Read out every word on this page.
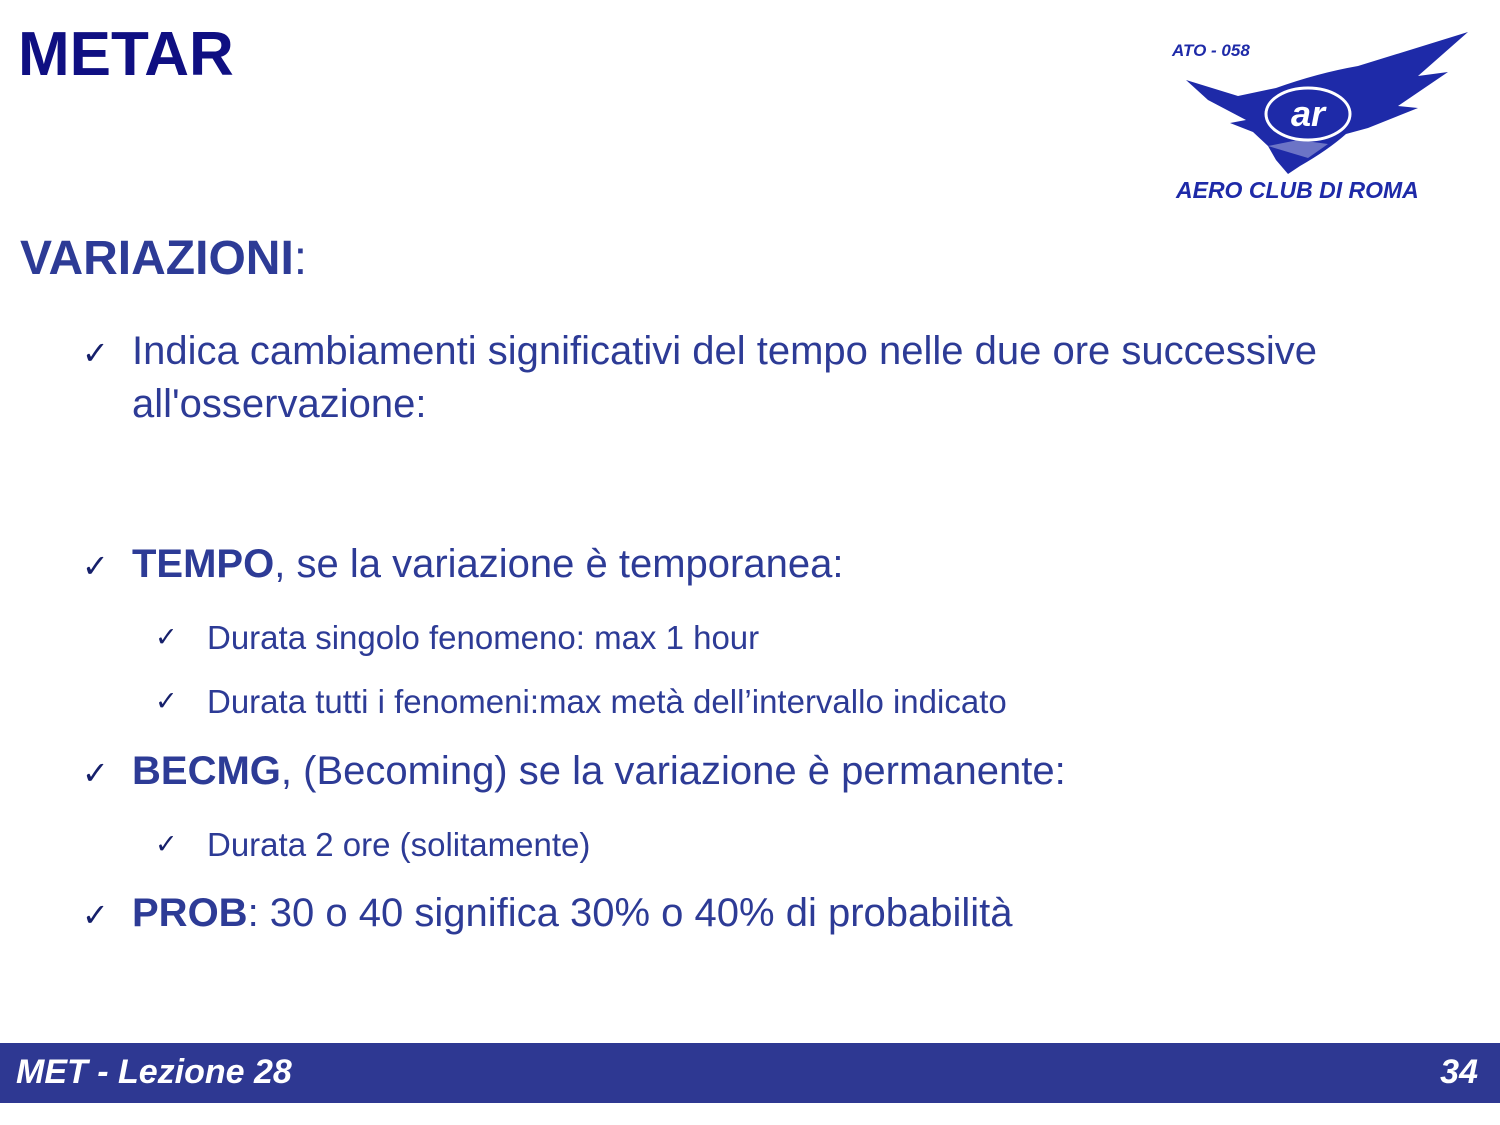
METAR	ATO - 058
ar
AERO CLUB DI ROMA
VARIAZIONI:
✓ Indica cambiamenti significativi del tempo nelle due ore successive all'osservazione:
✓ TEMPO, se la variazione è temporanea:
✓ Durata singolo fenomeno: max 1 hour
✓ Durata tutti i fenomeni:max metà dell’intervallo indicato
✓ BECMG, (Becoming) se la variazione è permanente:
✓ Durata 2 ore (solitamente)
✓ PROB: 30 o 40 significa 30% o 40% di probabilità
MET - Lezione 28	34
